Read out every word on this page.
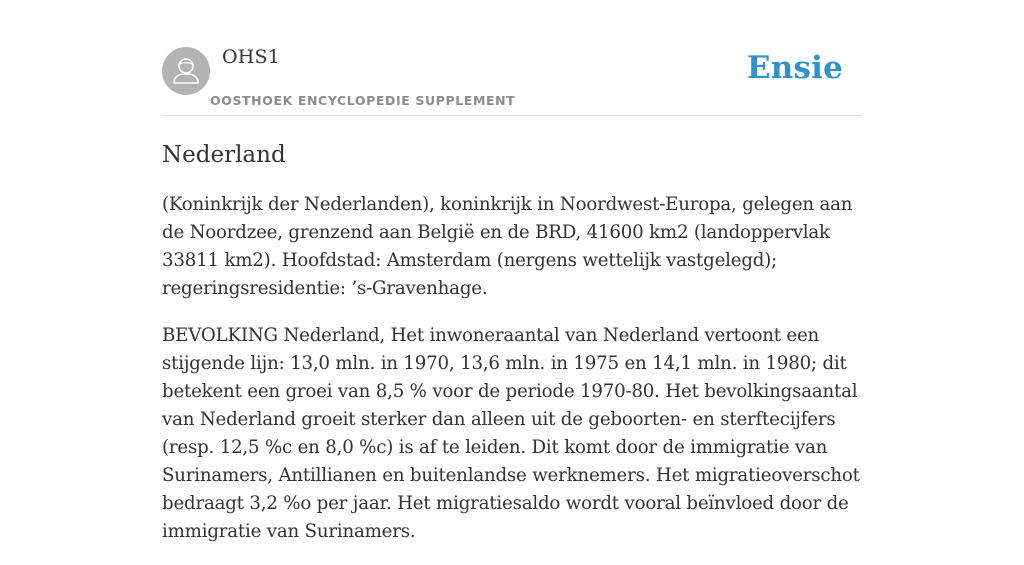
OHS1
OOSTHOEK ENCYCLOPEDIE SUPPLEMENT
Ensie
Nederland

(Koninkrijk der Nederlanden), koninkrijk in Noordwest-Europa, gelegen aan de Noordzee, grenzend aan België en de BRD, 41600 km2 (landoppervlak 33811 km2). Hoofdstad: Amsterdam (nergens wettelijk vastgelegd); regeringsresidentie: ’s-Gravenhage.

BEVOLKING Nederland, Het inwoneraantal van Nederland vertoont een stijgende lijn: 13,0 mln. in 1970, 13,6 mln. in 1975 en 14,1 mln. in 1980; dit betekent een groei van 8,5 % voor de periode 1970-80. Het bevolkingsaantal van Nederland groeit sterker dan alleen uit de geboorten- en sterftecijfers (resp. 12,5 %c en 8,0 %c) is af te leiden. Dit komt door de immigratie van Surinamers, Antillianen en buitenlandse werknemers. Het migratieoverschot bedraagt 3,2 %o per jaar. Het migratiesaldo wordt vooral beïnvloed door de immigratie van Surinamers.
